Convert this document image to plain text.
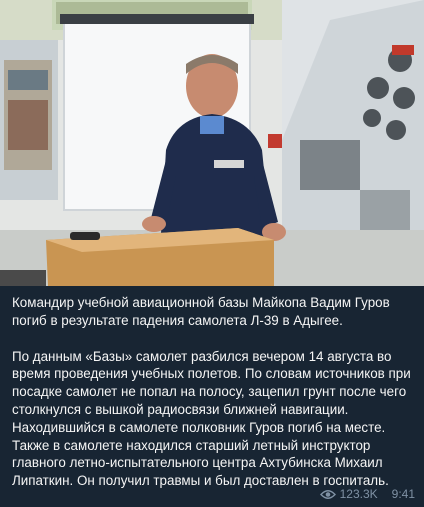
Командир учебной авиационной базы Майкопа Вадим Гуров погиб в результате падения самолета Л-39 в Адыгее.

По данным «Базы» самолет разбился вечером 14 августа во время проведения учебных полетов. По словам источников при посадке самолет не попал на полосу, зацепил грунт после чего столкнулся с вышкой радиосвязи ближней навигации. Находившийся в самолете полковник Гуров погиб на месте. Также в самолете находился старший летный инструктор главного летно-испытательного центра Ахтубинска Михаил Липаткин. Он получил травмы и был доставлен в госпиталь.

123.3K 9:41
